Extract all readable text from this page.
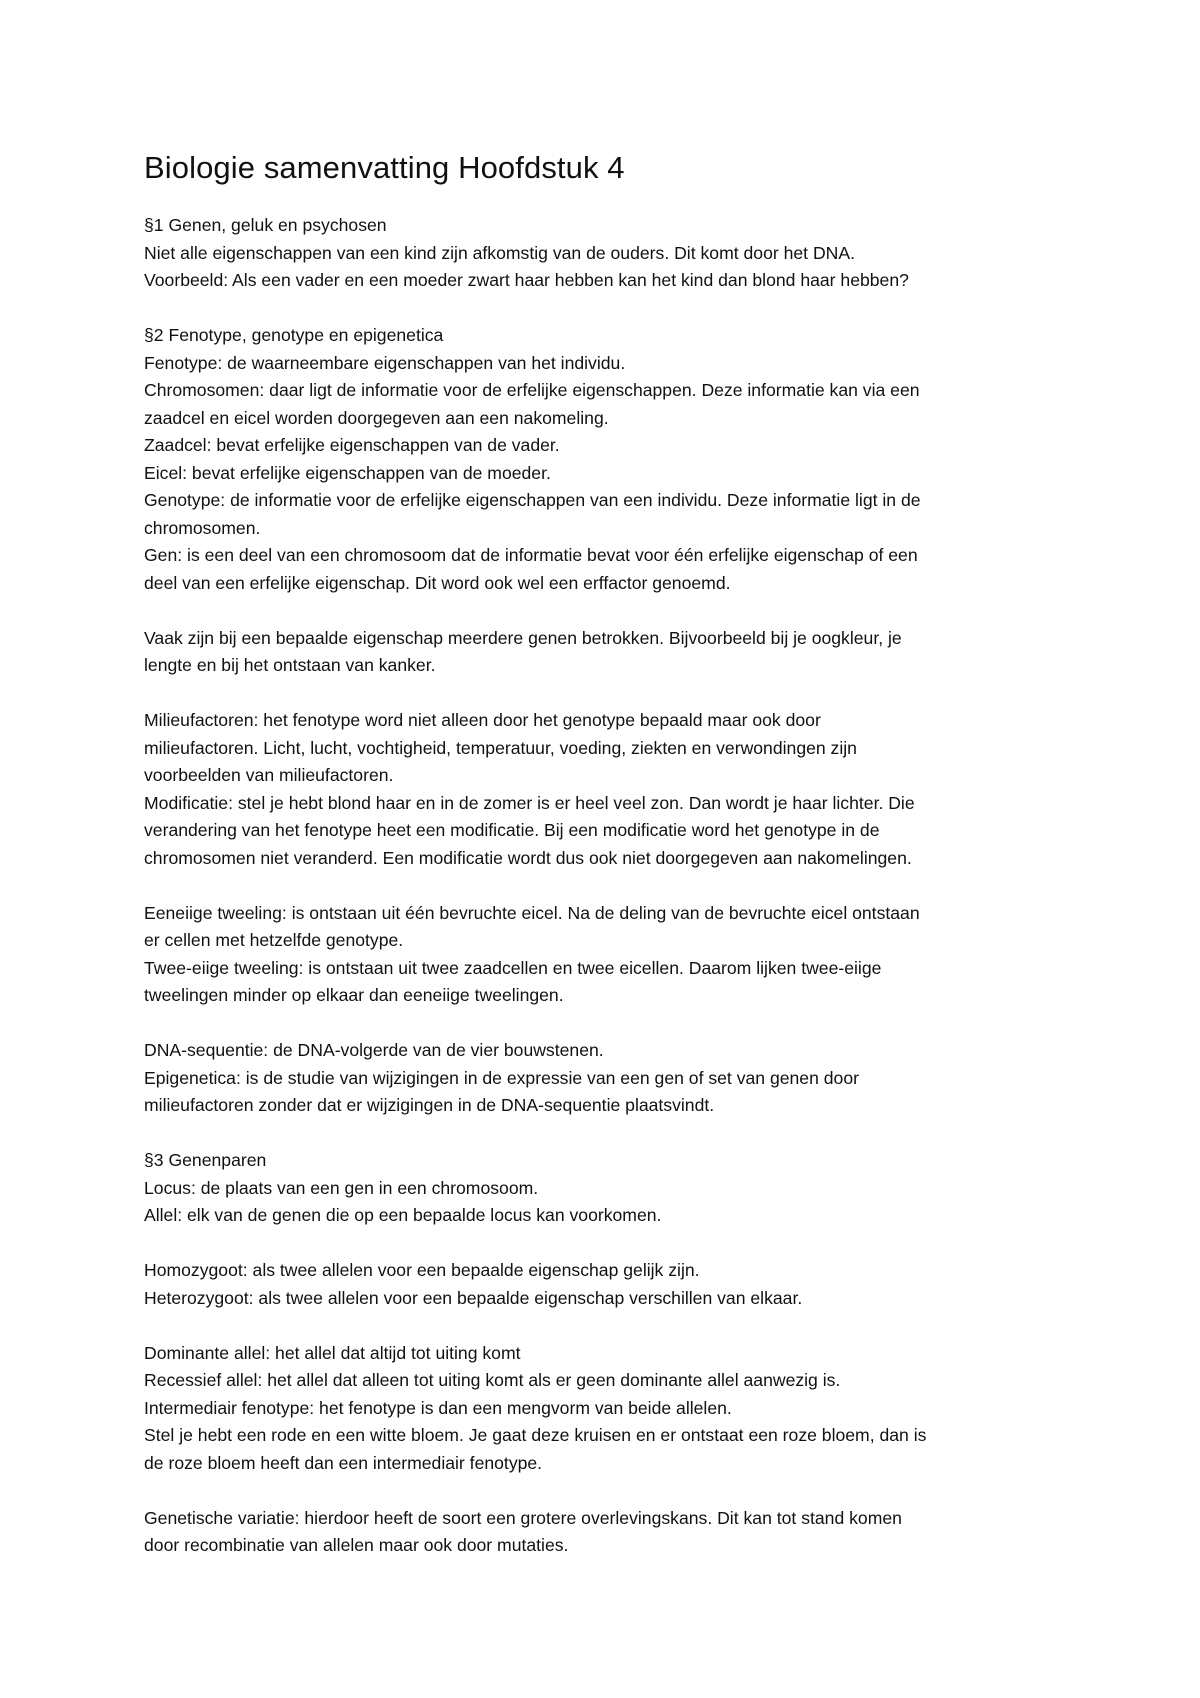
Biologie samenvatting Hoofdstuk 4
§1 Genen, geluk en psychosen
Niet alle eigenschappen van een kind zijn afkomstig van de ouders. Dit komt door het DNA.
Voorbeeld: Als een vader en een moeder zwart haar hebben kan het kind dan blond haar hebben?
§2 Fenotype, genotype en epigenetica
Fenotype: de waarneembare eigenschappen van het individu.
Chromosomen: daar ligt de informatie voor de erfelijke eigenschappen. Deze informatie kan via een
zaadcel en eicel worden doorgegeven aan een nakomeling.
Zaadcel: bevat erfelijke eigenschappen van de vader.
Eicel: bevat erfelijke eigenschappen van de moeder.
Genotype: de informatie voor de erfelijke eigenschappen van een individu. Deze informatie ligt in de
chromosomen.
Gen: is een deel van een chromosoom dat de informatie bevat voor één erfelijke eigenschap of een
deel van een erfelijke eigenschap. Dit word ook wel een erffactor genoemd.
Vaak zijn bij een bepaalde eigenschap meerdere genen betrokken. Bijvoorbeeld bij je oogkleur, je
lengte en bij het ontstaan van kanker.
Milieufactoren: het fenotype word niet alleen door het genotype bepaald maar ook door
milieufactoren. Licht, lucht, vochtigheid, temperatuur, voeding, ziekten en verwondingen zijn
voorbeelden van milieufactoren.
Modificatie: stel je hebt blond haar en in de zomer is er heel veel zon. Dan wordt je haar lichter. Die
verandering van het fenotype heet een modificatie. Bij een modificatie word het genotype in de
chromosomen niet veranderd. Een modificatie wordt dus ook niet doorgegeven aan nakomelingen.
Eeneiige tweeling: is ontstaan uit één bevruchte eicel. Na de deling van de bevruchte eicel ontstaan
er cellen met hetzelfde genotype.
Twee-eiige tweeling: is ontstaan uit twee zaadcellen en twee eicellen. Daarom lijken twee-eiige
tweelingen minder op elkaar dan eeneiige tweelingen.
DNA-sequentie: de DNA-volgerde van de vier bouwstenen.
Epigenetica: is de studie van wijzigingen in de expressie van een gen of set van genen door
milieufactoren zonder dat er wijzigingen in de DNA-sequentie plaatsvindt.
§3 Genenparen
Locus: de plaats van een gen in een chromosoom.
Allel: elk van de genen die op een bepaalde locus kan voorkomen.
Homozygoot: als twee allelen voor een bepaalde eigenschap gelijk zijn.
Heterozygoot: als twee allelen voor een bepaalde eigenschap verschillen van elkaar.
Dominante allel: het allel dat altijd tot uiting komt
Recessief allel: het allel dat alleen tot uiting komt als er geen dominante allel aanwezig is.
Intermediair fenotype: het fenotype is dan een mengvorm van beide allelen.
Stel je hebt een rode en een witte bloem. Je gaat deze kruisen en er ontstaat een roze bloem, dan is
de roze bloem heeft dan een intermediair fenotype.
Genetische variatie: hierdoor heeft de soort een grotere overlevingskans. Dit kan tot stand komen
door recombinatie van allelen maar ook door mutaties.
